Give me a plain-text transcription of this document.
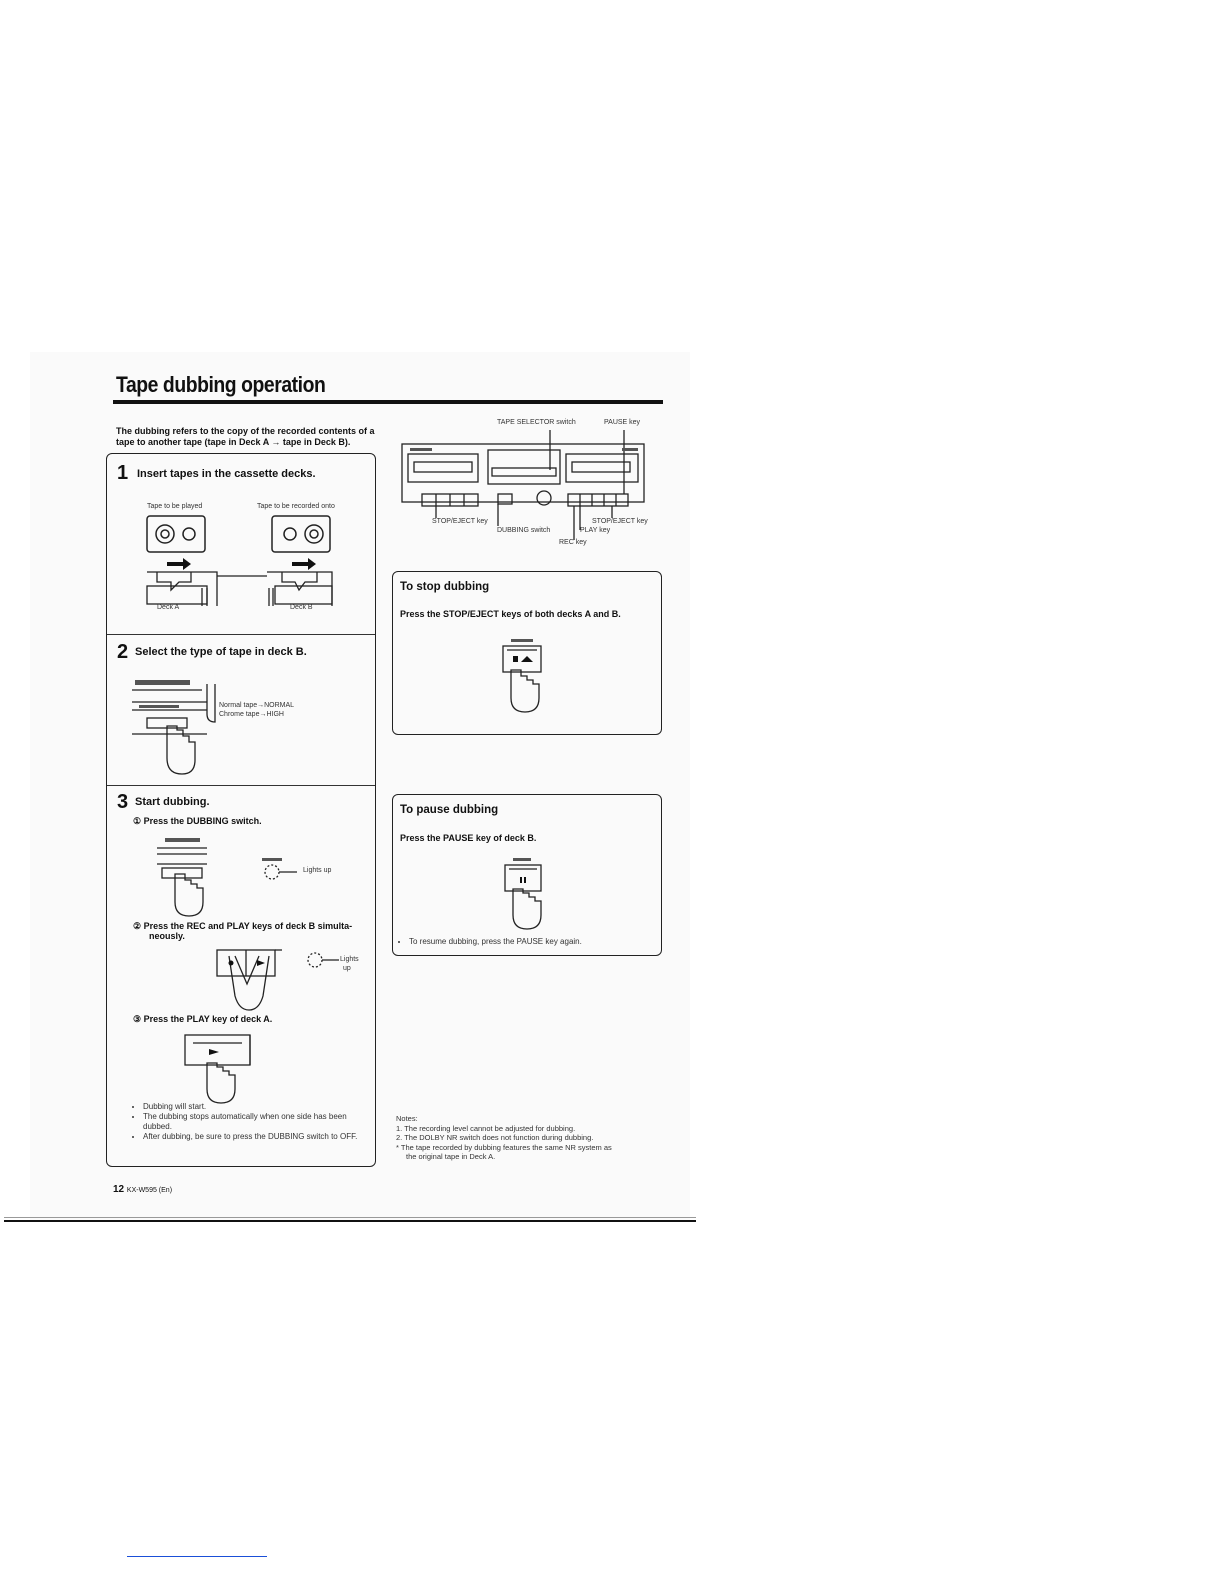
Tape dubbing operation
The dubbing refers to the copy of the recorded contents of a tape to another tape (tape in Deck A → tape in Deck B).
1 Insert tapes in the cassette decks.
Tape to be played	Tape to be recorded onto
Deck A	Deck B
2 Select the type of tape in deck B.
Normal tape→NORMAL
Chrome tape→HIGH
3 Start dubbing.
① Press the DUBBING switch.
Lights up
② Press the REC and PLAY keys of deck B simulta-
neously.
Lights
up
③ Press the PLAY key of deck A.
• Dubbing will start.
• The dubbing stops automatically when one side has been dubbed.
• After dubbing, be sure to press the DUBBING switch to OFF.
TAPE SELECTOR switch	PAUSE key
STOP/EJECT key
DUBBING switch
STOP/EJECT key
PLAY key
REC key
To stop dubbing
Press the STOP/EJECT keys of both decks A and B.
To pause dubbing
Press the PAUSE key of deck B.
• To resume dubbing, press the PAUSE key again.
Notes:
1. The recording level cannot be adjusted for dubbing.
2. The DOLBY NR switch does not function during dubbing.
* The tape recorded by dubbing features the same NR system as
the original tape in Deck A.
12 KX-W595 (En)
